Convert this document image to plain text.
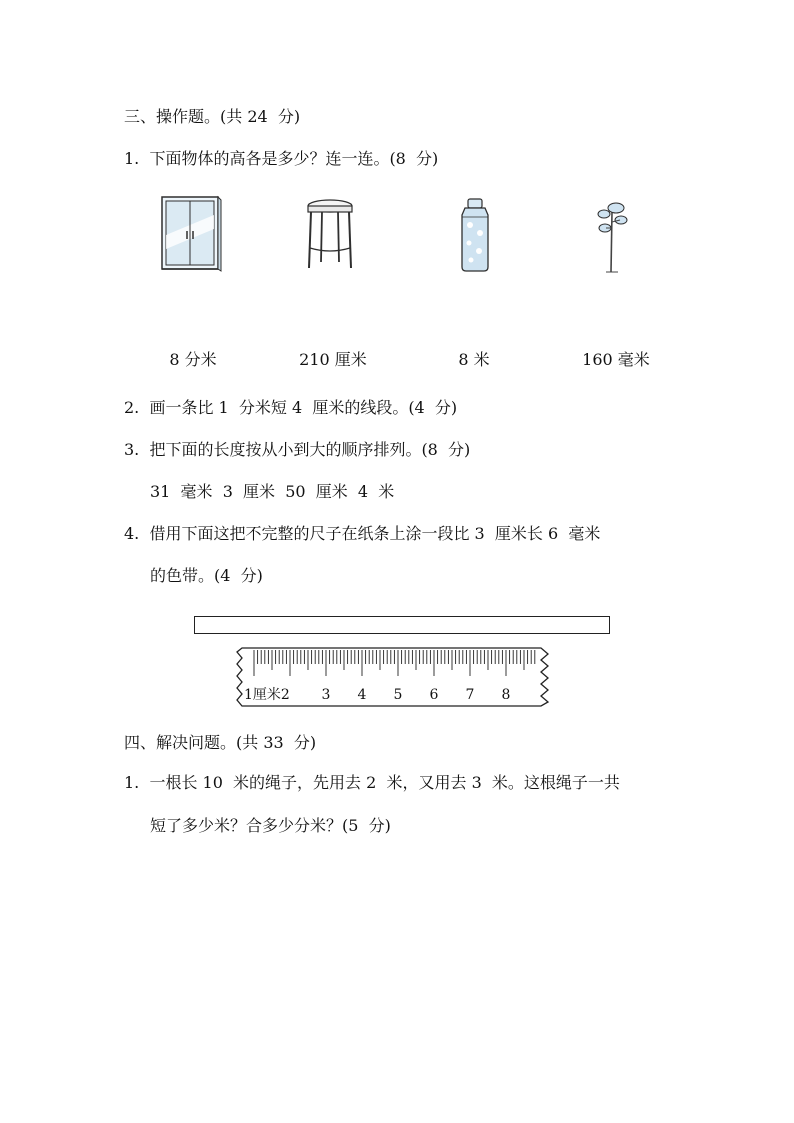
三、操作题。(共 24  分)
1.  下面物体的高各是多少？连一连。(8  分)
8 分米	210 厘米	8 米	160 毫米
2.  画一条比 1  分米短 4  厘米的线段。(4  分)
3.  把下面的长度按从小到大的顺序排列。(8  分)
31  毫米  3  厘米  50  厘米  4  米
4.  借用下面这把不完整的尺子在纸条上涂一段比 3  厘米长 6  毫米
的色带。(4  分)
1厘米2 3 4 5 6 7 8
四、解决问题。(共 33  分)
1.  一根长 10  米的绳子，先用去 2  米，又用去 3  米。这根绳子一共
短了多少米？合多少分米？(5  分)
